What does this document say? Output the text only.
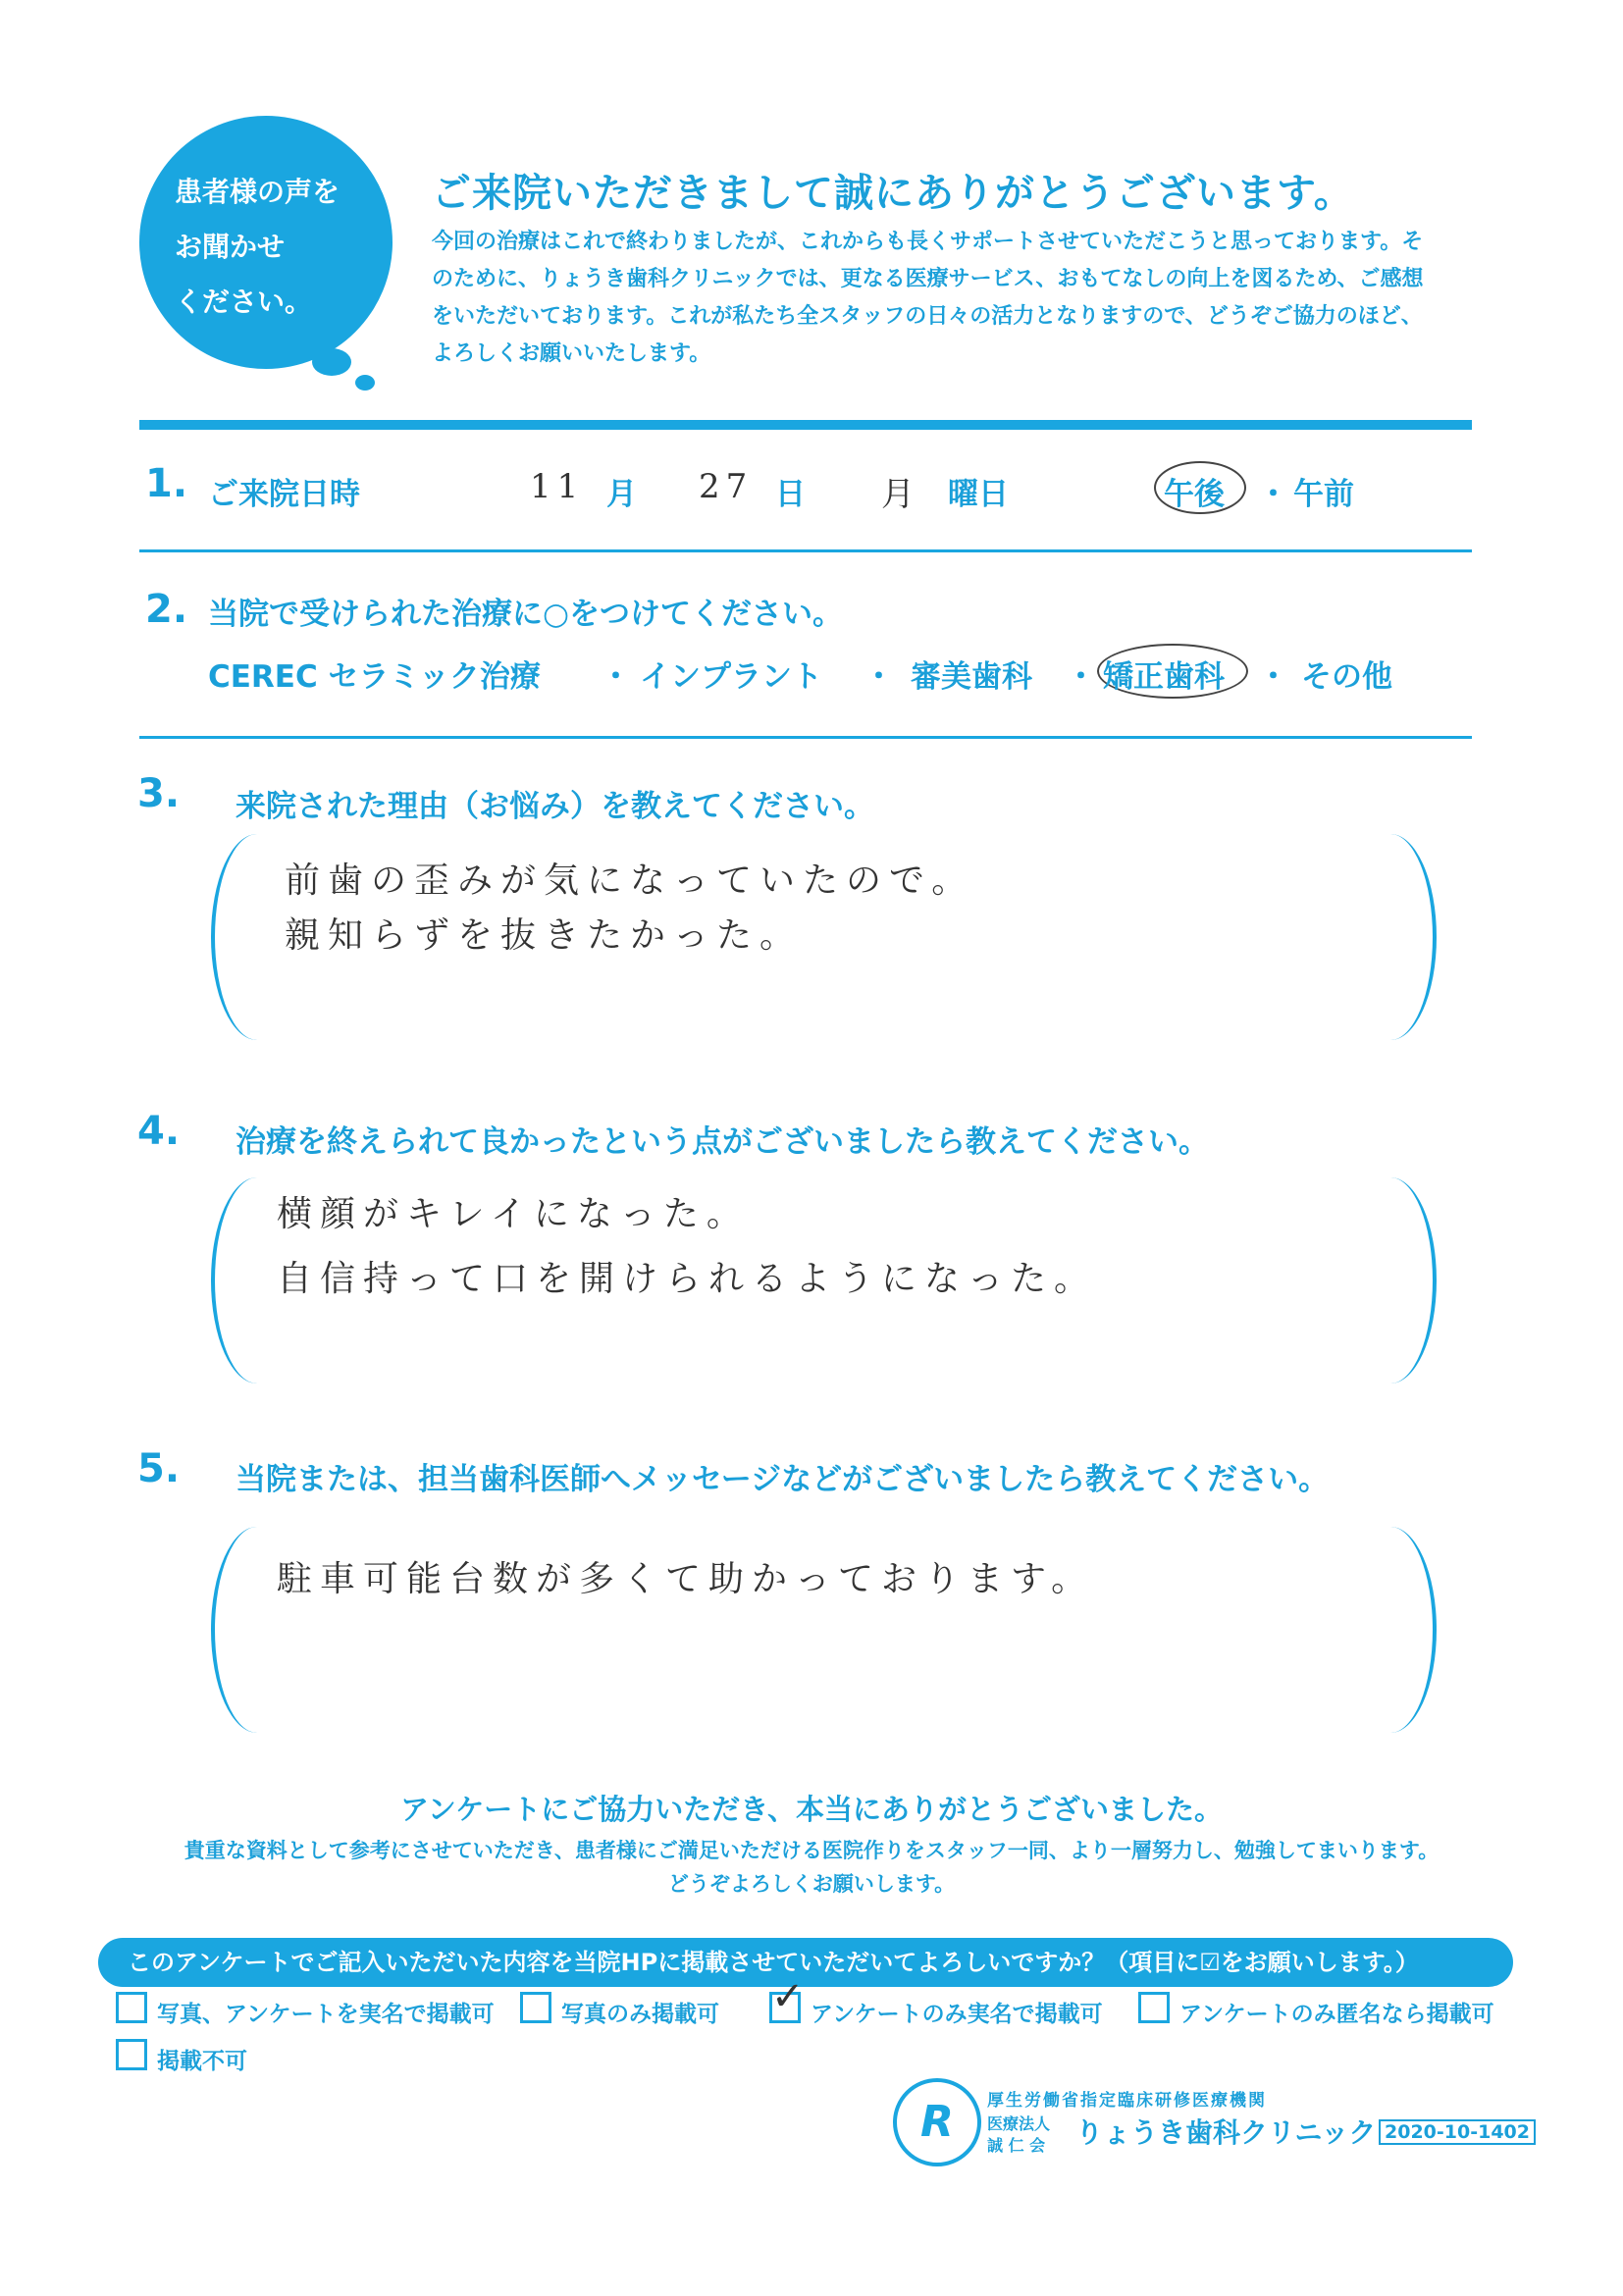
患者様の声を
お聞かせ
ください。
ご来院いただきまして誠にありがとうございます。
今回の治療はこれで終わりましたが、これからも長くサポートさせていただこうと思っております。そのために、りょうき歯科クリニックでは、更なる医療サービス、おもてなしの向上を図るため、ご感想をいただいております。これが私たち全スタッフの日々の活力となりますので、どうぞご協力のほど、よろしくお願いいたします。
1. ご来院日時	11 月 27 日 月 曜日	午後 ・ 午前
2. 当院で受けられた治療に○をつけてください。
CEREC セラミック治療 ・ インプラント ・ 審美歯科 ・ 矯正歯科 ・ その他
3. 来院された理由（お悩み）を教えてください。
前歯の歪みが気になっていたので。
親知らずを抜きたかった。
4. 治療を終えられて良かったという点がございましたら教えてください。
横顔がキレイになった。
自信持って口を開けられるようになった。
5. 当院または、担当歯科医師へメッセージなどがございましたら教えてください。
駐車可能台数が多くて助かっております。
アンケートにご協力いただき、本当にありがとうございました。
貴重な資料として参考にさせていただき、患者様にご満足いただける医院作りをスタッフ一同、より一層努力し、勉強してまいります。
どうぞよろしくお願いします。
このアンケートでご記入いただいた内容を当院HPに掲載させていただいてよろしいですか？（項目に☑をお願いします。）
写真、アンケートを実名で掲載可	写真のみ掲載可 ✓ アンケートのみ実名で掲載可	アンケートのみ匿名なら掲載可
掲載不可
R	厚生労働省指定臨床研修医療機関
医療法人
誠 仁 会 りょうき歯科クリニック 2020-10-1402
